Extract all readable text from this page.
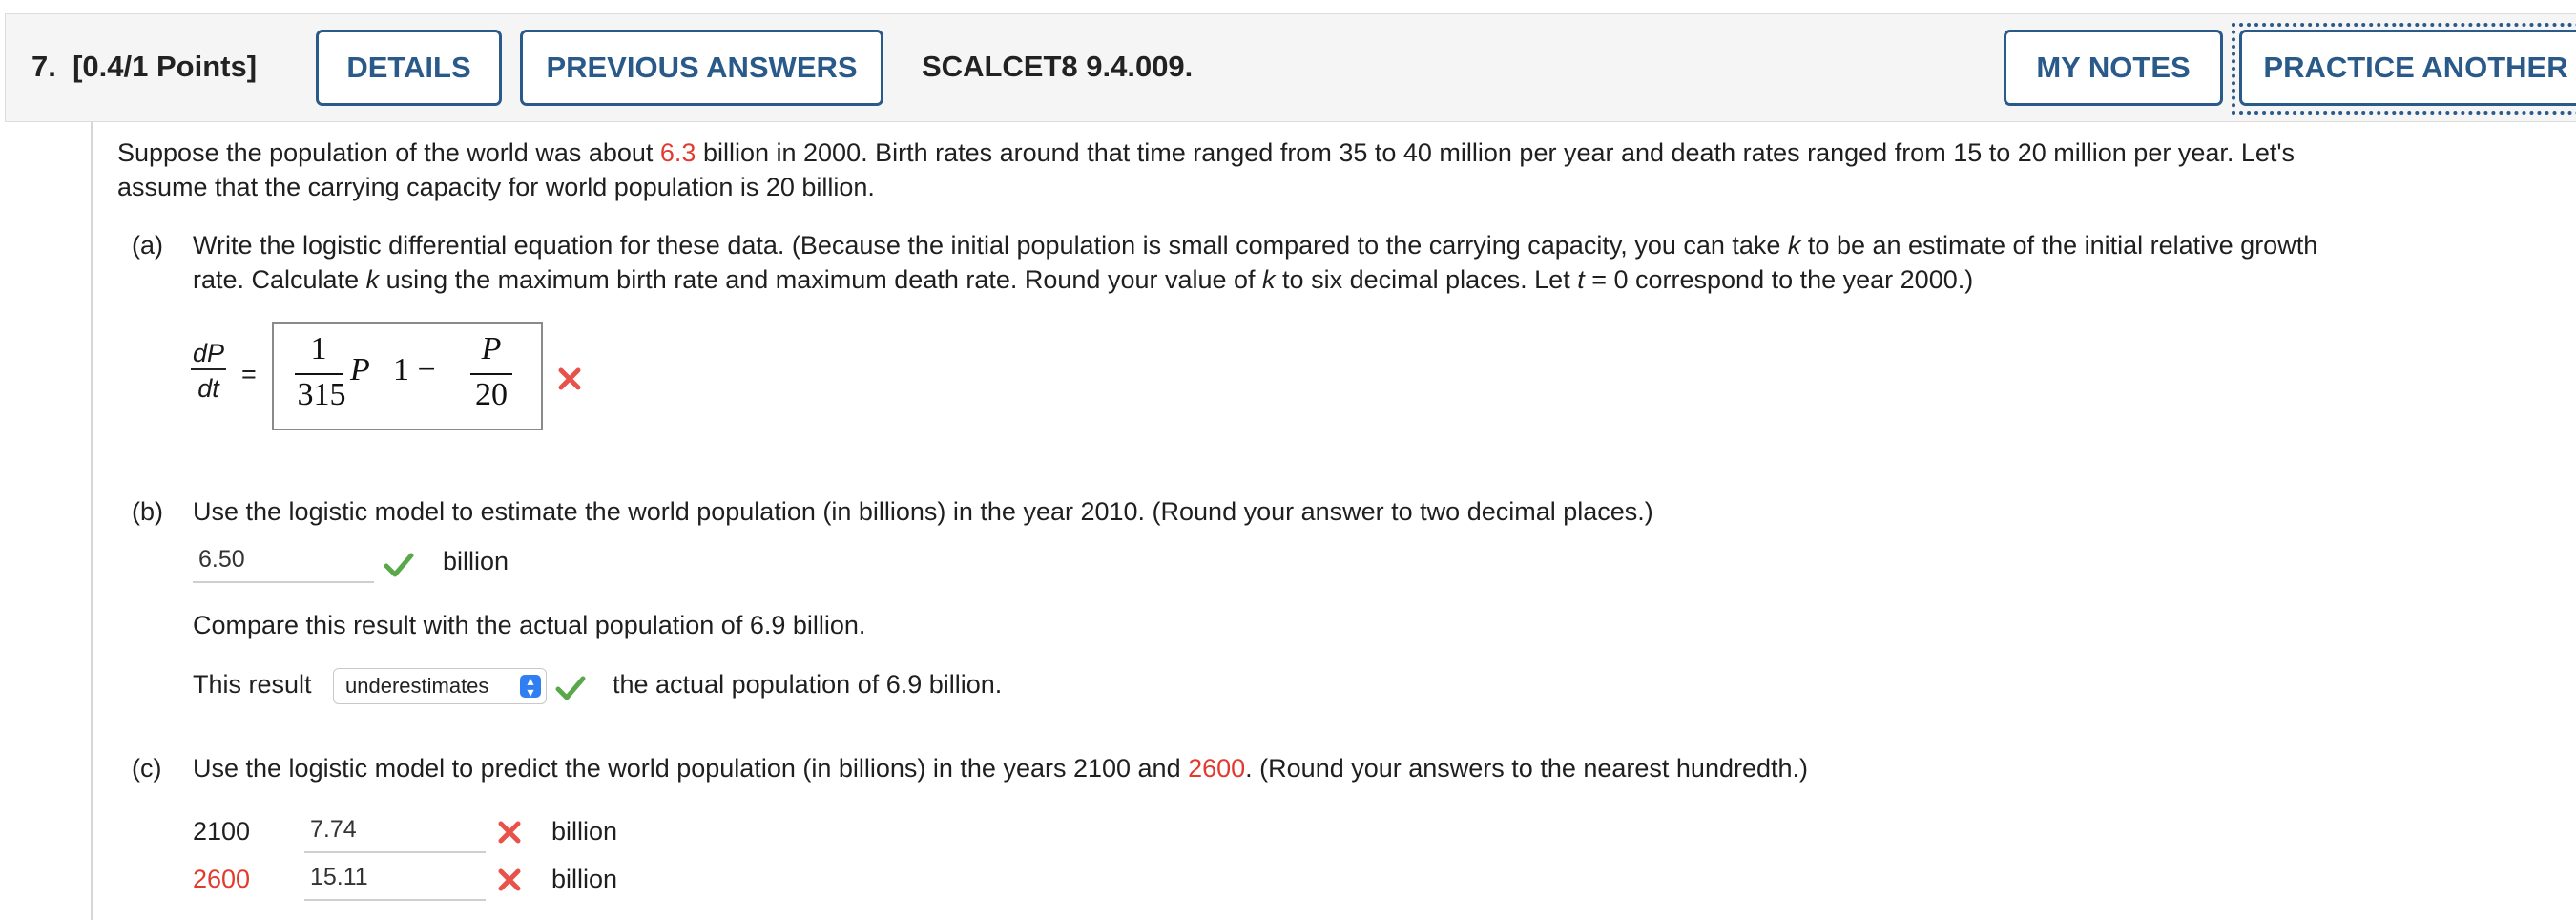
7. [0.4/1 Points]	DETAILS	PREVIOUS ANSWERS	SCALCET8 9.4.009.	MY NOTES	PRACTICE ANOTHER
Suppose the population of the world was about 6.3 billion in 2000. Birth rates around that time ranged from 35 to 40 million per year and death rates ranged from 15 to 20 million per year. Let's
assume that the carrying capacity for world population is 20 billion.
(a) Write the logistic differential equation for these data. (Because the initial population is small compared to the carrying capacity, you can take k to be an estimate of the initial relative growth
rate. Calculate k using the maximum birth rate and maximum death rate. Round your value of k to six decimal places. Let t = 0 correspond to the year 2000.)
$\frac{dP}{dt}$ =
1
315
P 1 −
P
20
(b) Use the logistic model to estimate the world population (in billions) in the year 2010. (Round your answer to two decimal places.)
6.50	billion
Compare this result with the actual population of 6.9 billion.
This result underestimates	▴
▾	the actual population of 6.9 billion.
(c) Use the logistic model to predict the world population (in billions) in the years 2100 and 2600. (Round your answers to the nearest hundredth.)
2100	7.74	billion
2600	15.11	billion
